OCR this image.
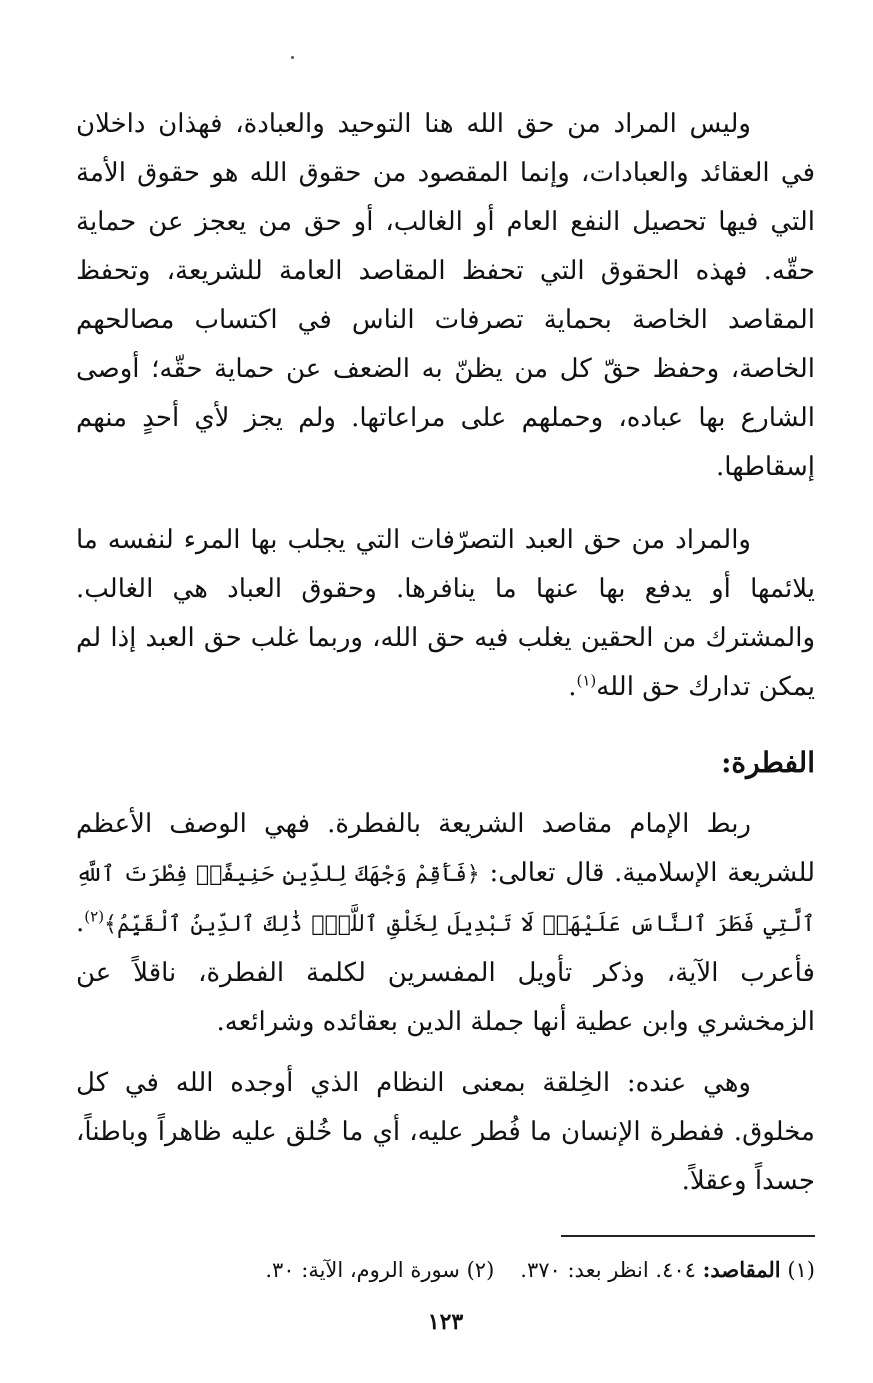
وليس المراد من حق الله هنا التوحيد والعبادة، فهذان داخلان في العقائد والعبادات، وإنما المقصود من حقوق الله هو حقوق الأمة التي فيها تحصيل النفع العام أو الغالب، أو حق من يعجز عن حماية حقّه. فهذه الحقوق التي تحفظ المقاصد العامة للشريعة، وتحفظ المقاصد الخاصة بحماية تصرفات الناس في اكتساب مصالحهم الخاصة، وحفظ حقّ كل من يظنّ به الضعف عن حماية حقّه؛ أوصى الشارع بها عباده، وحملهم على مراعاتها. ولم يجز لأي أحدٍ منهم إسقاطها.

والمراد من حق العبد التصرّفات التي يجلب بها المرء لنفسه ما يلائمها أو يدفع بها عنها ما ينافرها. وحقوق العباد هي الغالب. والمشترك من الحقين يغلب فيه حق الله، وربما غلب حق العبد إذا لم يمكن تدارك حق الله$^{(١)}$.

الفطرة:

ربط الإمام مقاصد الشريعة بالفطرة. فهي الوصف الأعظم للشريعة الإسلامية. قال تعالى: ﴿فَأَقِمْ وَجْهَكَ لِلدِّينِ حَنِيفًاۚ فِطْرَتَ ٱللَّهِ ٱلَّتِي فَطَرَ ٱلنَّاسَ عَلَيْهَاۚ لَا تَبْدِيلَ لِخَلْقِ ٱللَّهِۚ ذَٰلِكَ ٱلدِّينُ ٱلْقَيِّمُ﴾$^{(٢)}$. فأعرب الآية، وذكر تأويل المفسرين لكلمة الفطرة، ناقلاً عن الزمخشري وابن عطية أنها جملة الدين بعقائده وشرائعه.

وهي عنده: الخِلقة بمعنى النظام الذي أوجده الله في كل مخلوق. ففطرة الإنسان ما فُطر عليه، أي ما خُلق عليه ظاهراً وباطناً، جسداً وعقلاً.

(١) المقاصد: ٤٠٤. انظر بعد: ٣٧٠.(٢) سورة الروم، الآية: ٣٠.

١٢٣
